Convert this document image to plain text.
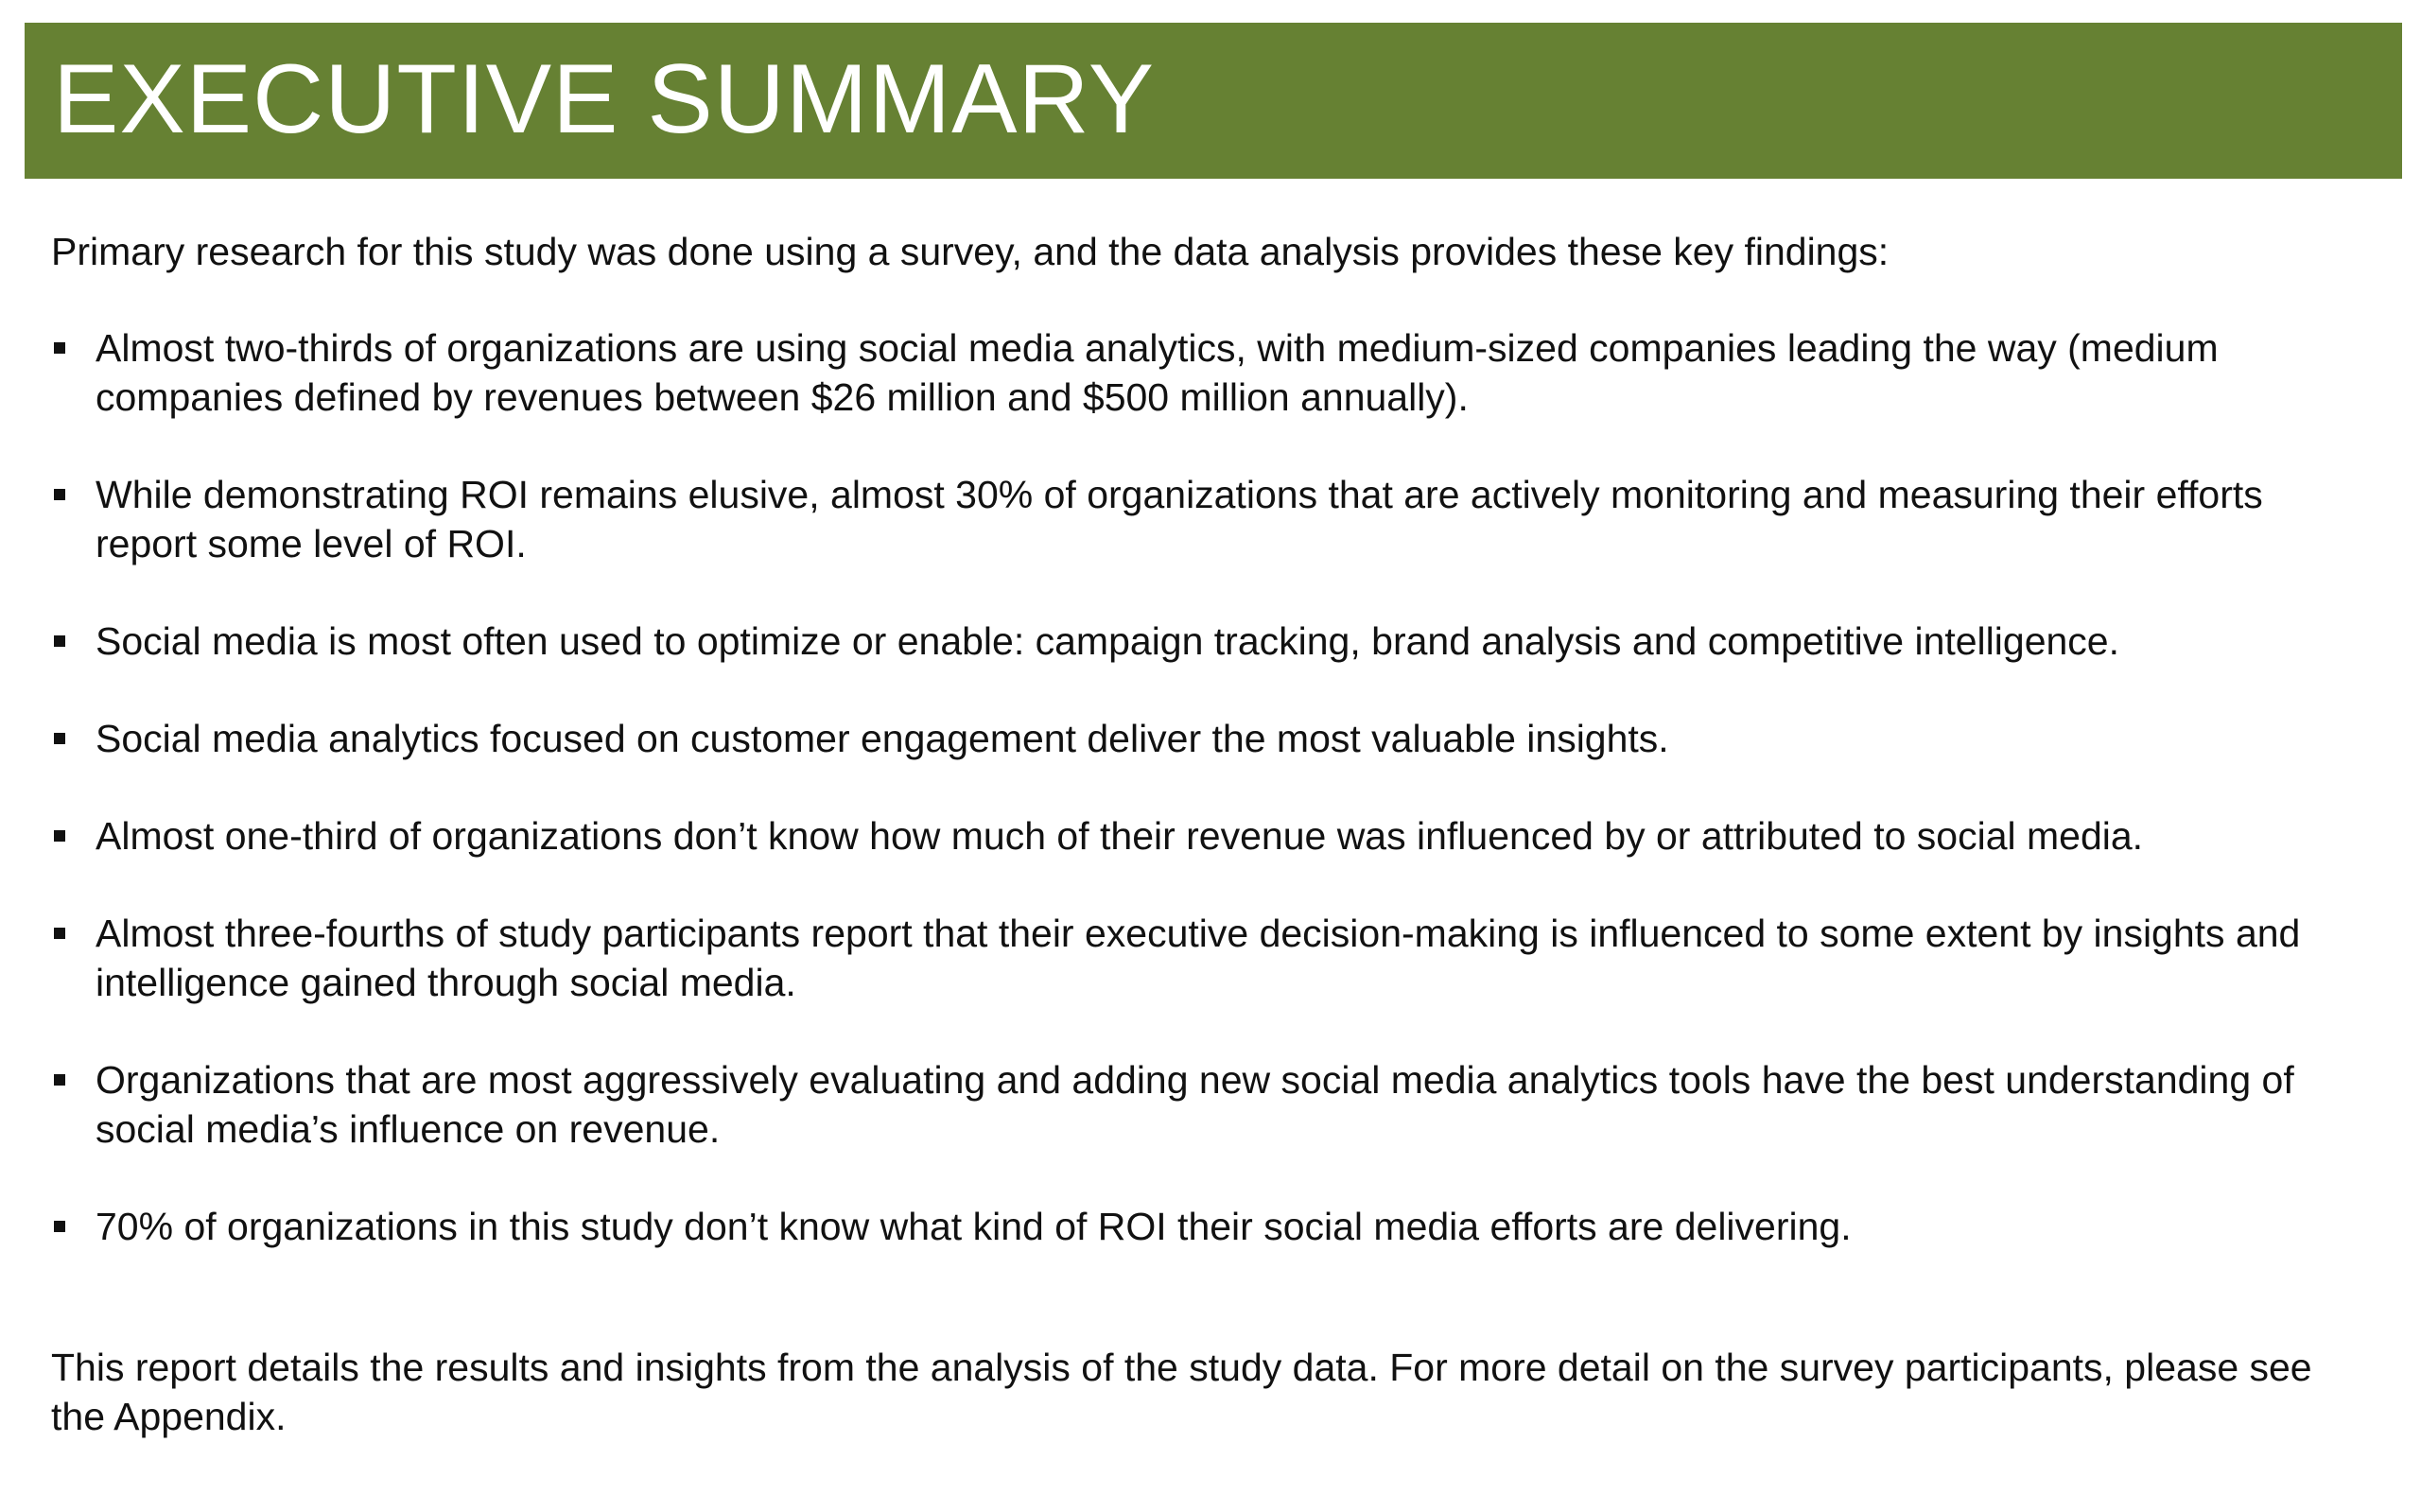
EXECUTIVE SUMMARY

Primary research for this study was done using a survey, and the data analysis provides these key findings:

Almost two-thirds of organizations are using social media analytics, with medium-sized companies leading the way (medium companies defined by revenues between $26 million and $500 million annually).
While demonstrating ROI remains elusive, almost 30% of organizations that are actively monitoring and measuring their efforts report some level of ROI.
Social media is most often used to optimize or enable: campaign tracking, brand analysis and competitive intelligence.
Social media analytics focused on customer engagement deliver the most valuable insights.
Almost one-third of organizations don’t know how much of their revenue was influenced by or attributed to social media.
Almost three-fourths of study participants report that their executive decision-making is influenced to some extent by insights and intelligence gained through social media.
Organizations that are most aggressively evaluating and adding new social media analytics tools have the best understanding of social media’s influence on revenue.
70% of organizations in this study don’t know what kind of ROI their social media efforts are delivering.

This report details the results and insights from the analysis of the study data. For more detail on the survey participants, please see the Appendix.
